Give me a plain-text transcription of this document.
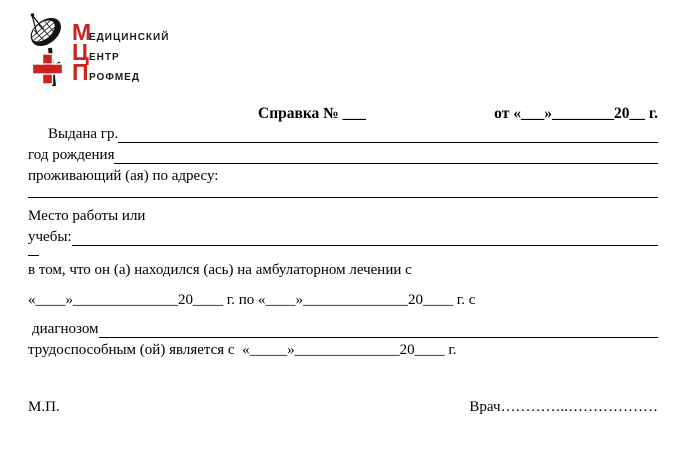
М
едицинский
Ц ентр
П рофмед
Справка № ___	от «___»________20__ г.
Выдана гр.
год рождения
проживающий (ая) по адресу:
Место работы или
учебы:
в том, что он (а) находился (ась) на амбулаторном лечении с
«____»______________20____ г. по «____»______________20____ г. с
диагнозом
трудоспособным (ой) является с  «_____»______________20____ г.
М.П.	Врач…………..………………
